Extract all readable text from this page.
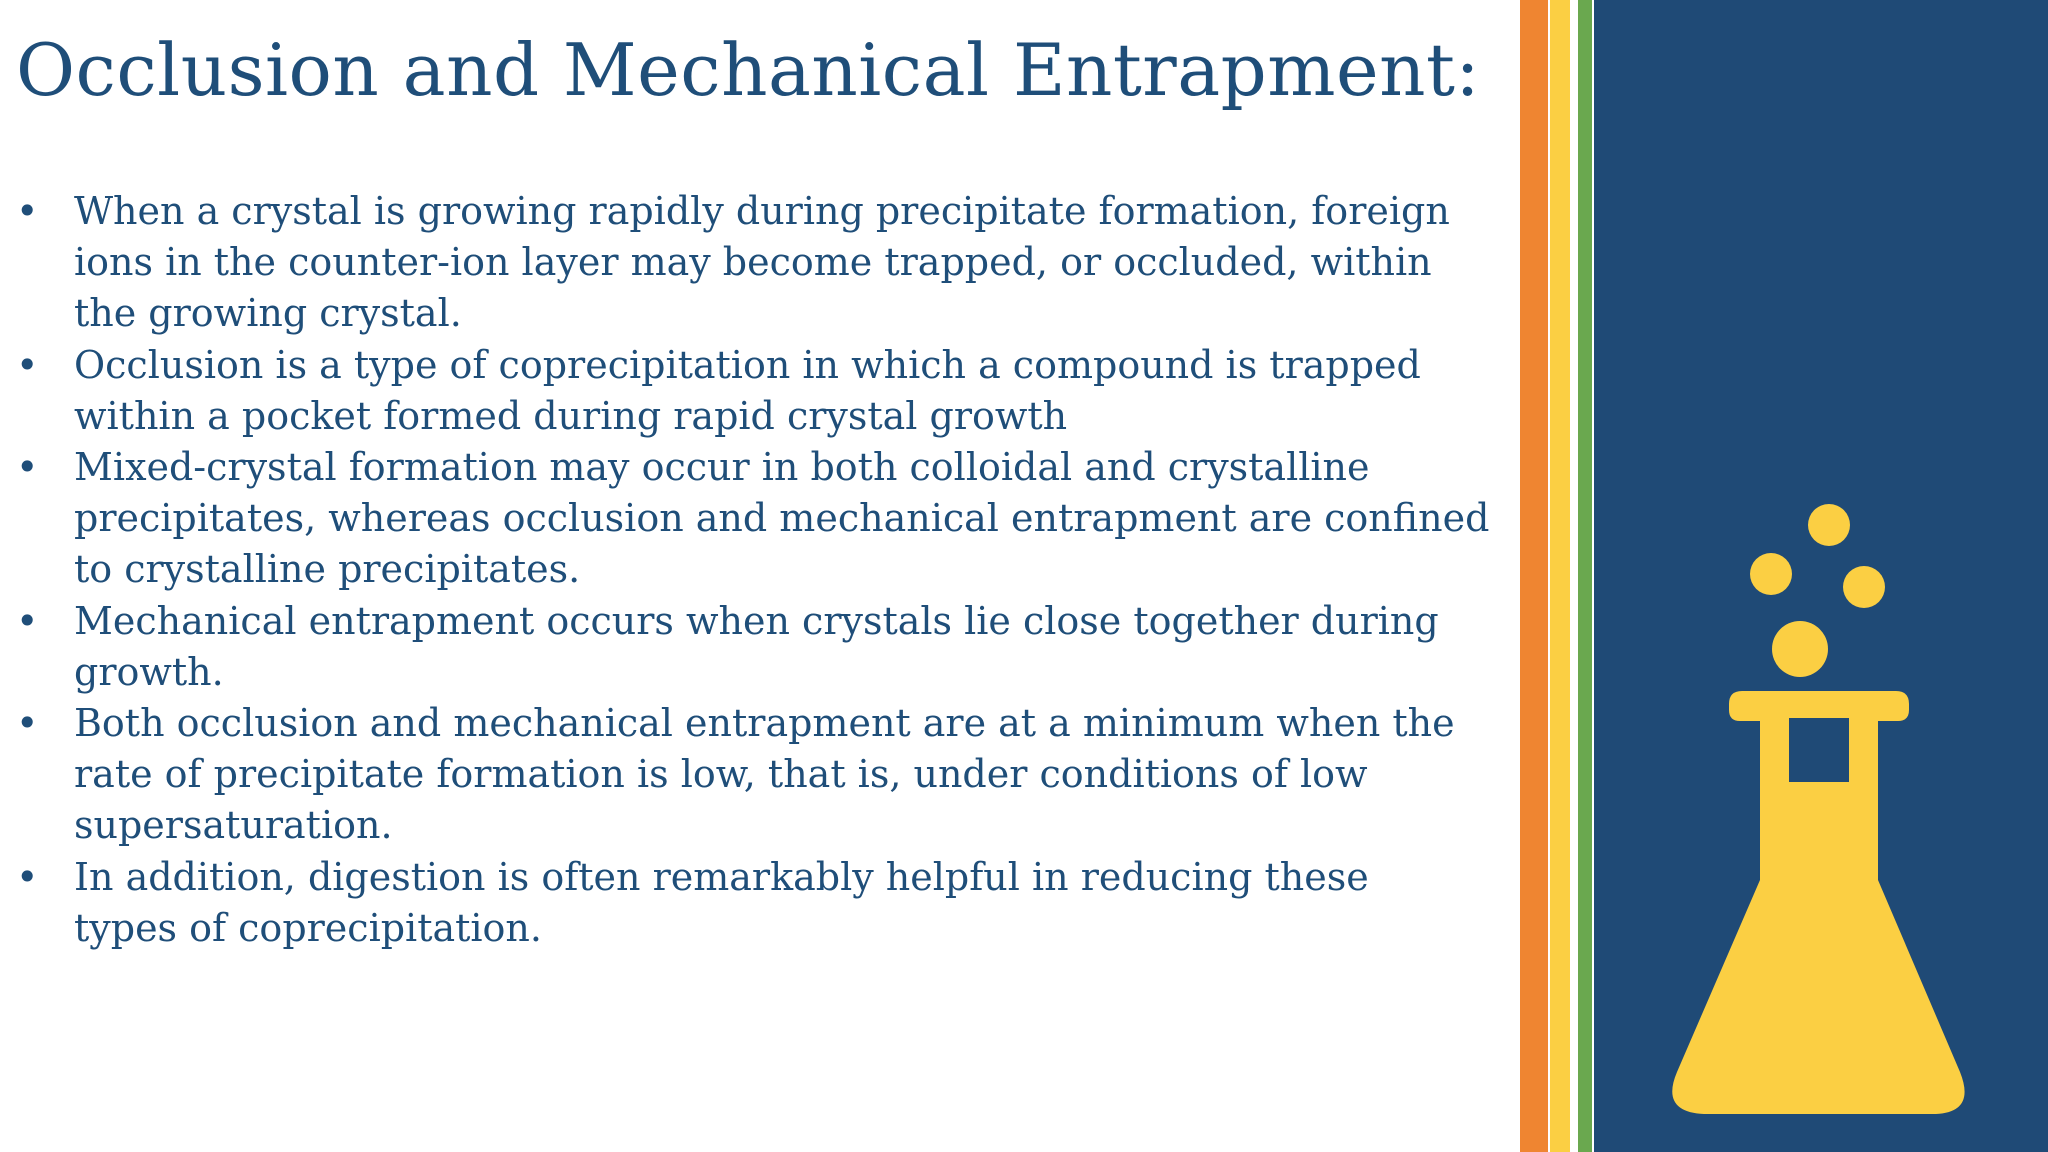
Occlusion and Mechanical Entrapment:
• When a crystal is growing rapidly during precipitate formation, foreign
ions in the counter-ion layer may become trapped, or occluded, within
the growing crystal.
• Occlusion is a type of coprecipitation in which a compound is trapped
within a pocket formed during rapid crystal growth
• Mixed-crystal formation may occur in both colloidal and crystalline
precipitates, whereas occlusion and mechanical entrapment are confined
to crystalline precipitates.
• Mechanical entrapment occurs when crystals lie close together during
growth.
• Both occlusion and mechanical entrapment are at a minimum when the
rate of precipitate formation is low, that is, under conditions of low
supersaturation.
• In addition, digestion is often remarkably helpful in reducing these
types of coprecipitation.
